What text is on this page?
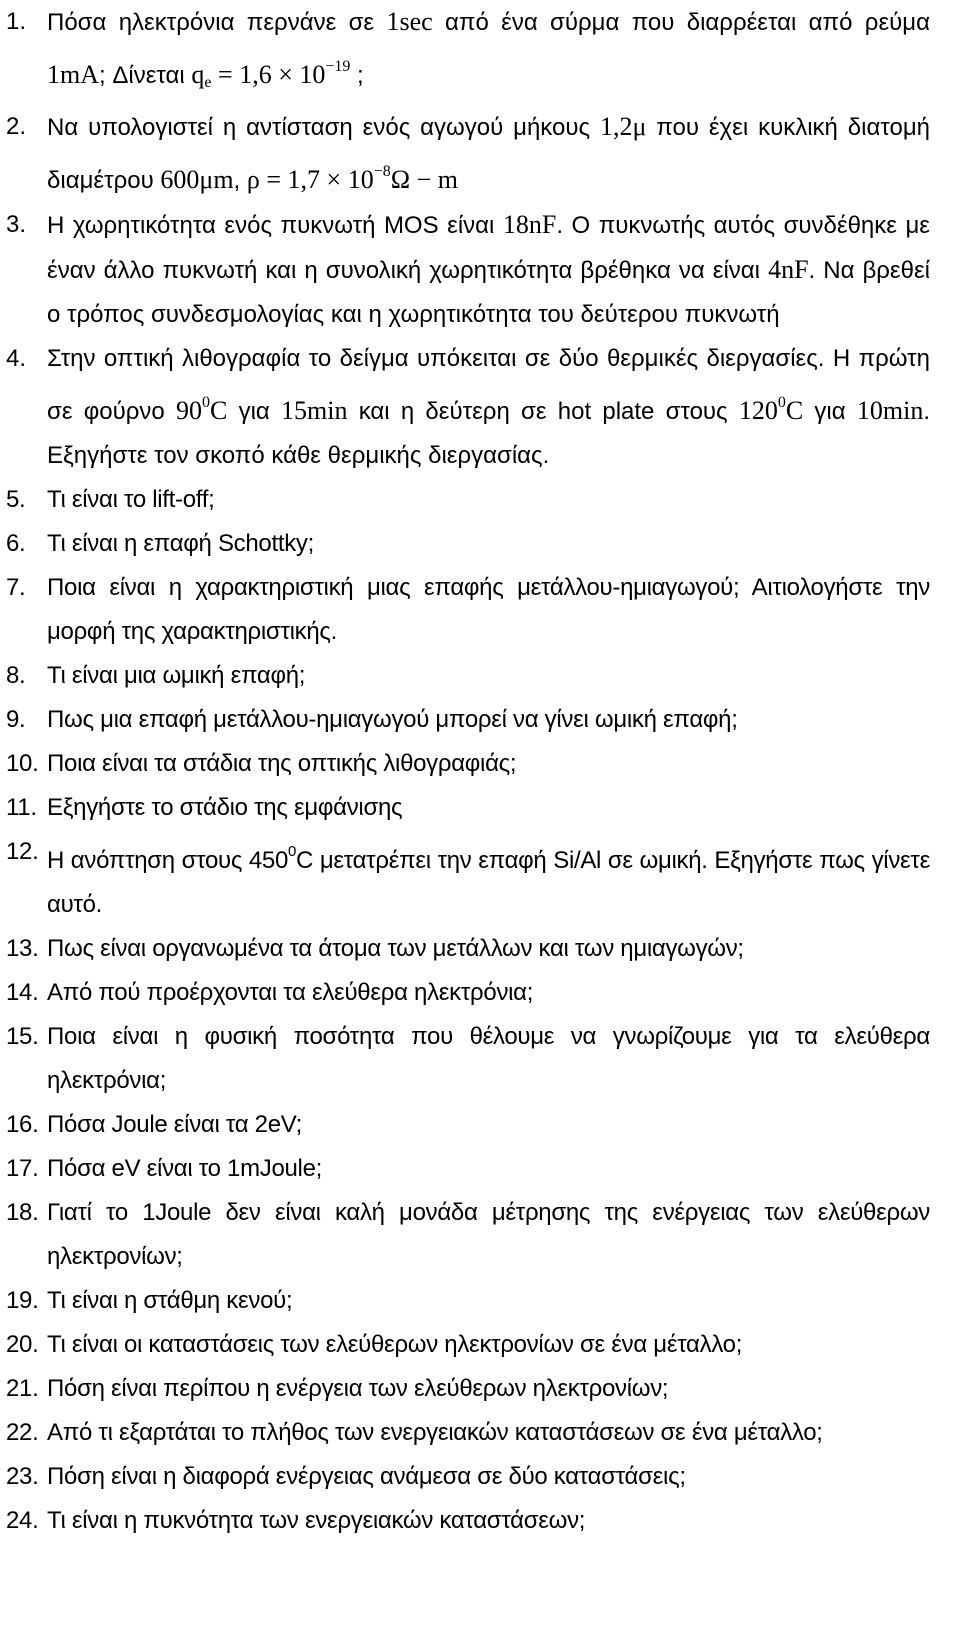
1. Πόσα ηλεκτρόνια περνάνε σε 1sec από ένα σύρμα που διαρρέεται από ρεύμα 1mA; Δίνεται $q_e = 1,6 \times 10^{-19}$ ;
2. Να υπολογιστεί η αντίσταση ενός αγωγού μήκους 1,2μ που έχει κυκλική διατομή διαμέτρου 600μm, $\rho = 1,7 \times 10^{-8}\Omega - m$
3. Η χωρητικότητα ενός πυκνωτή MOS είναι 18nF. Ο πυκνωτής αυτός συνδέθηκε με έναν άλλο πυκνωτή και η συνολική χωρητικότητα βρέθηκα να είναι 4nF. Να βρεθεί ο τρόπος συνδεσμολογίας και η χωρητικότητα του δεύτερου πυκνωτή
4. Στην οπτική λιθογραφία το δείγμα υπόκειται σε δύο θερμικές διεργασίες. Η πρώτη σε φούρνο $90^0C$ για 15min και η δεύτερη σε hot plate στους $120^0C$ για 10min. Εξηγήστε τον σκοπό κάθε θερμικής διεργασίας.
5. Τι είναι το lift-off;
6. Τι είναι η επαφή Schottky;
7. Ποια είναι η χαρακτηριστική μιας επαφής μετάλλου-ημιαγωγού; Αιτιολογήστε την μορφή της χαρακτηριστικής.
8. Τι είναι μια ωμική επαφή;
9. Πως μια επαφή μετάλλου-ημιαγωγού μπορεί να γίνει ωμική επαφή;
10. Ποια είναι τα στάδια της οπτικής λιθογραφιάς;
11. Εξηγήστε το στάδιο της εμφάνισης
12. Η ανόπτηση στους $450^0C$ μετατρέπει την επαφή Si/Al σε ωμική. Εξηγήστε πως γίνετε αυτό.
13. Πως είναι οργανωμένα τα άτομα των μετάλλων και των ημιαγωγών;
14. Από πού προέρχονται τα ελεύθερα ηλεκτρόνια;
15. Ποια είναι η φυσική ποσότητα που θέλουμε να γνωρίζουμε για τα ελεύθερα ηλεκτρόνια;
16. Πόσα Joule είναι τα 2eV;
17. Πόσα eV είναι το 1mJoule;
18. Γιατί το 1Joule δεν είναι καλή μονάδα μέτρησης της ενέργειας των ελεύθερων ηλεκτρονίων;
19. Τι είναι η στάθμη κενού;
20. Τι είναι οι καταστάσεις των ελεύθερων ηλεκτρονίων σε ένα μέταλλο;
21. Πόση είναι περίπου η ενέργεια των ελεύθερων ηλεκτρονίων;
22. Από τι εξαρτάται το πλήθος των ενεργειακών καταστάσεων σε ένα μέταλλο;
23. Πόση είναι η διαφορά ενέργειας ανάμεσα σε δύο καταστάσεις;
24. Τι είναι η πυκνότητα των ενεργειακών καταστάσεων;
